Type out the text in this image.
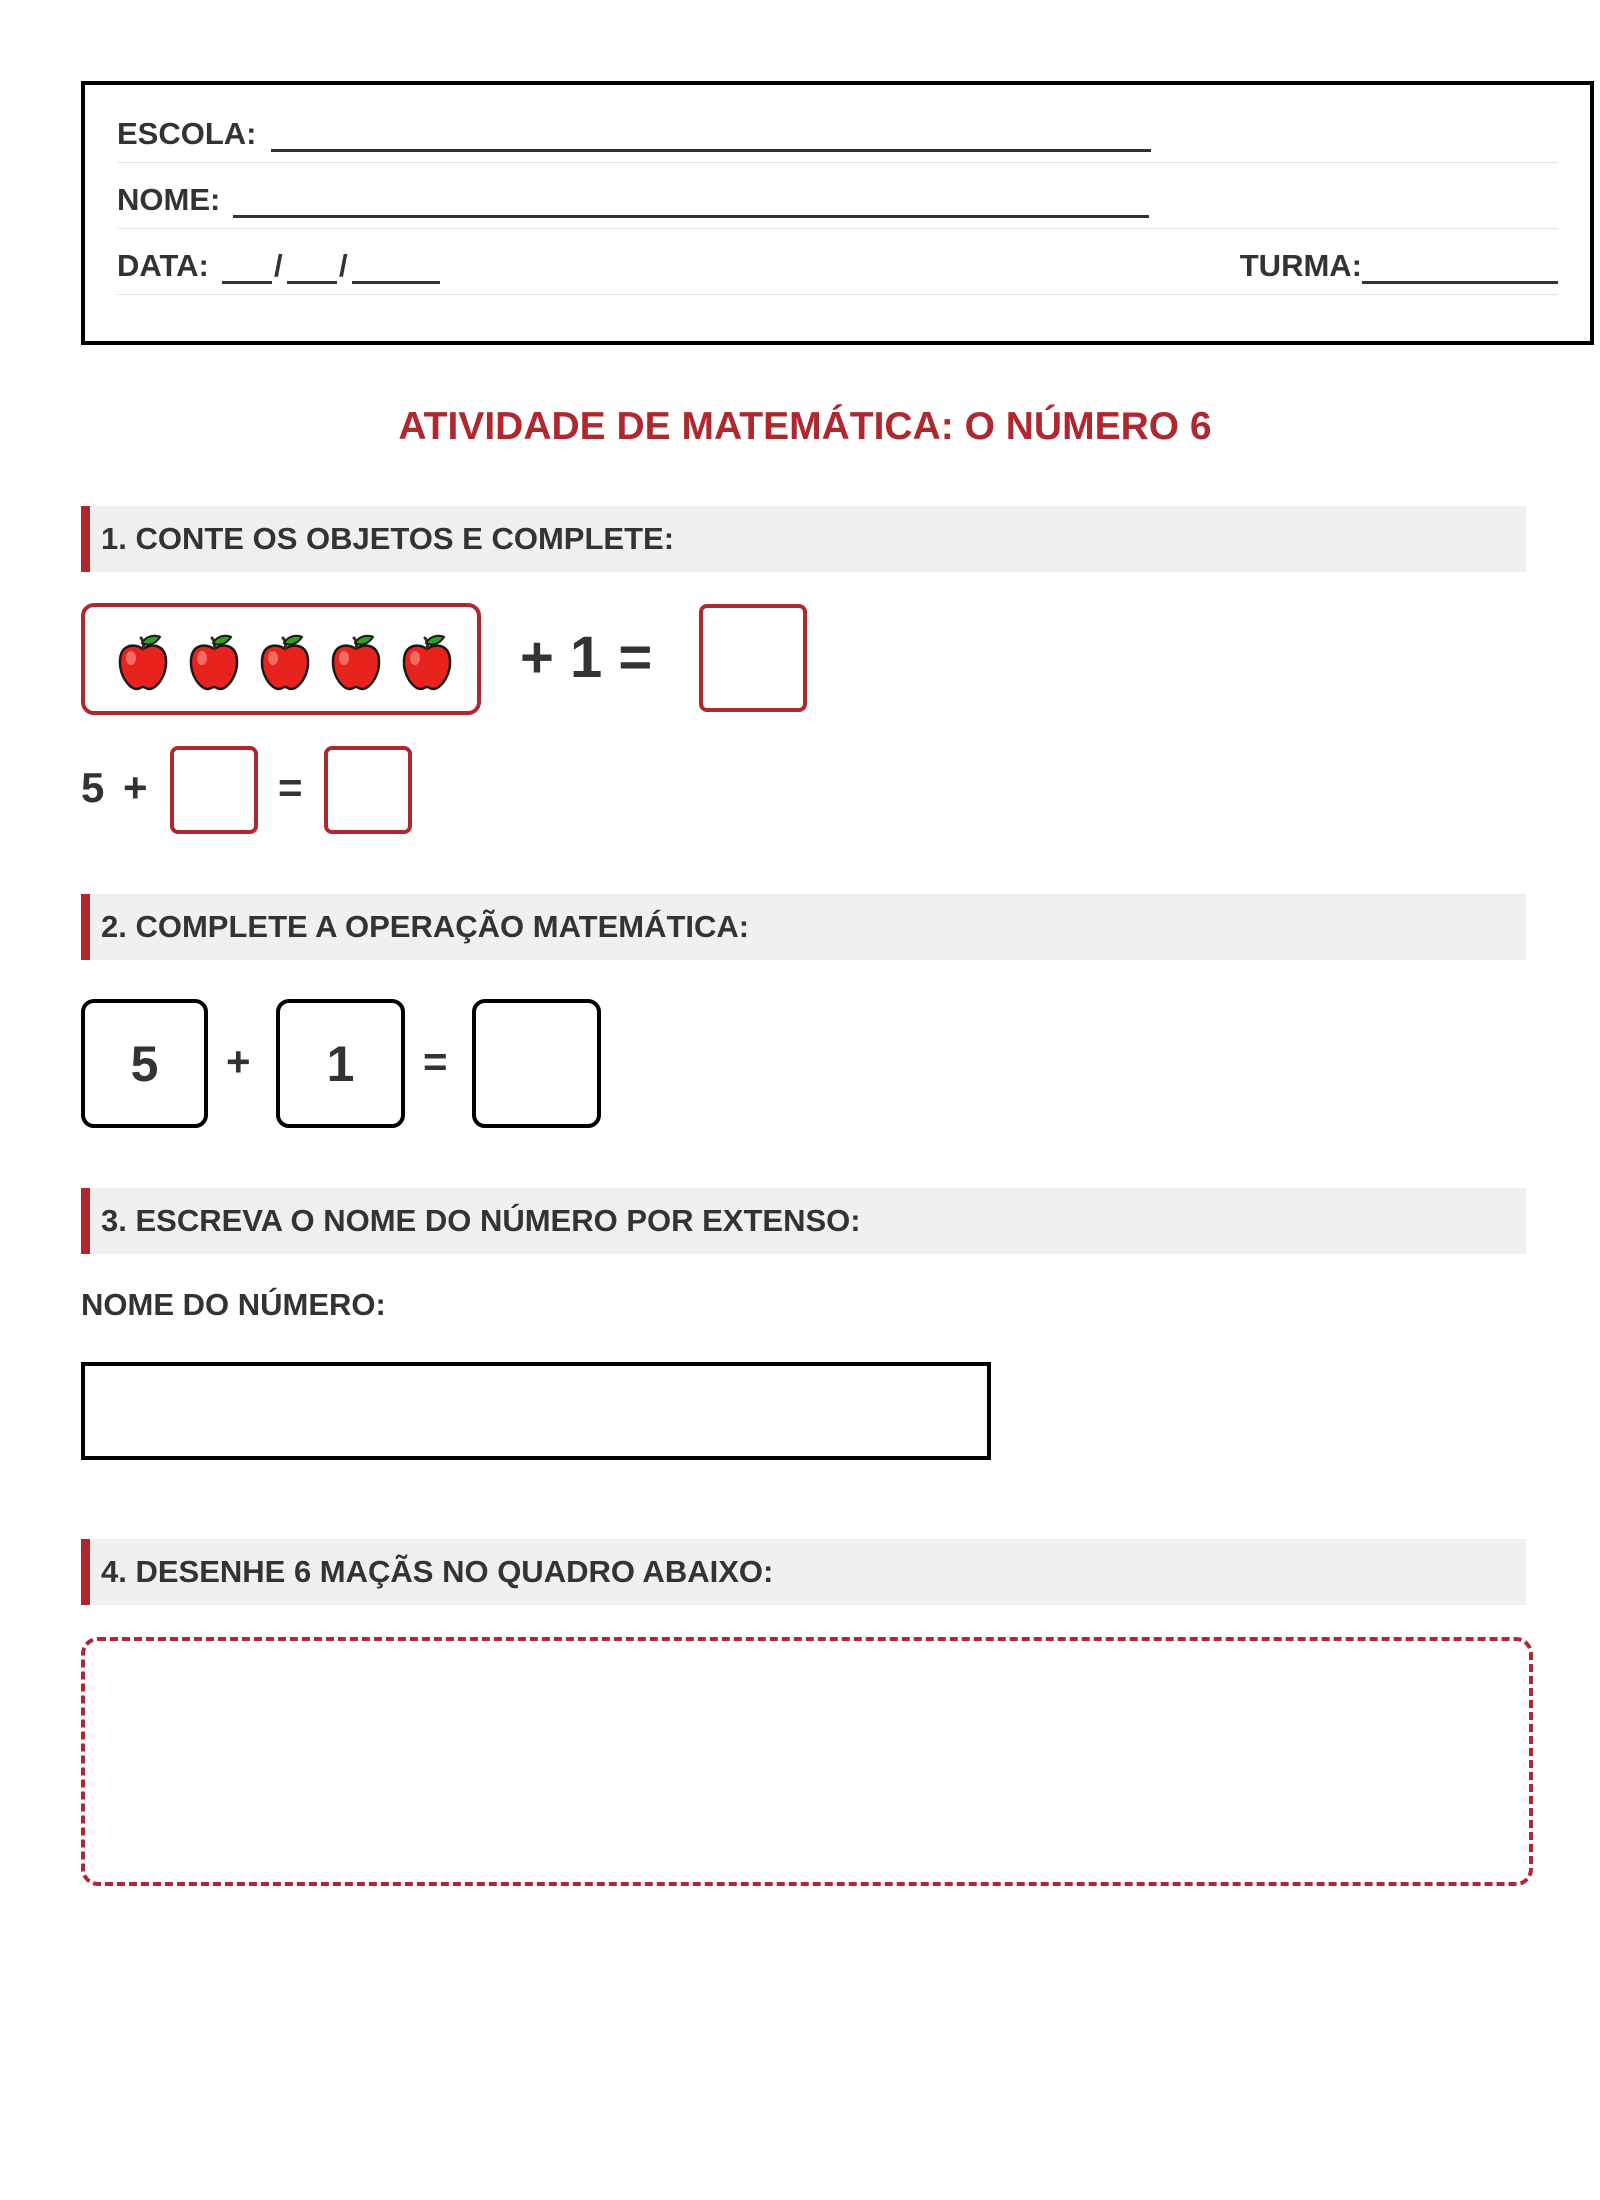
ESCOLA:
NOME:
DATA: / /	TURMA:
ATIVIDADE DE MATEMÁTICA: O NÚMERO 6
1. CONTE OS OBJETOS E COMPLETE:
+ 1 =
5 +	=
2. COMPLETE A OPERAÇÃO MATEMÁTICA:
5	+	1	=
3. ESCREVA O NOME DO NÚMERO POR EXTENSO:
NOME DO NÚMERO:
4. DESENHE 6 MAÇÃS NO QUADRO ABAIXO:
